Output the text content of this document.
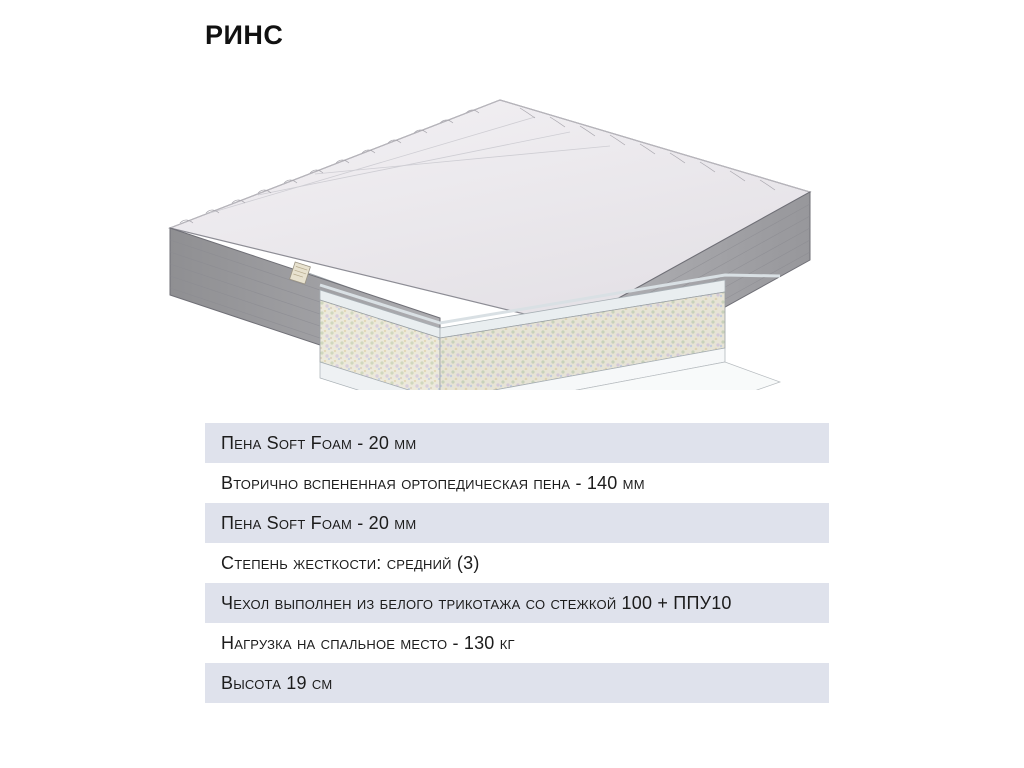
РИНС
Пена Soft Foam - 20 мм
Вторично вспененная ортопедическая пена - 140 мм
Пена Soft Foam - 20 мм
Степень жесткости: средний (3)
Чехол выполнен из белого трикотажа со стежкой 100 + ППУ10
Нагрузка на спальное место - 130 кг
Высота 19 см
